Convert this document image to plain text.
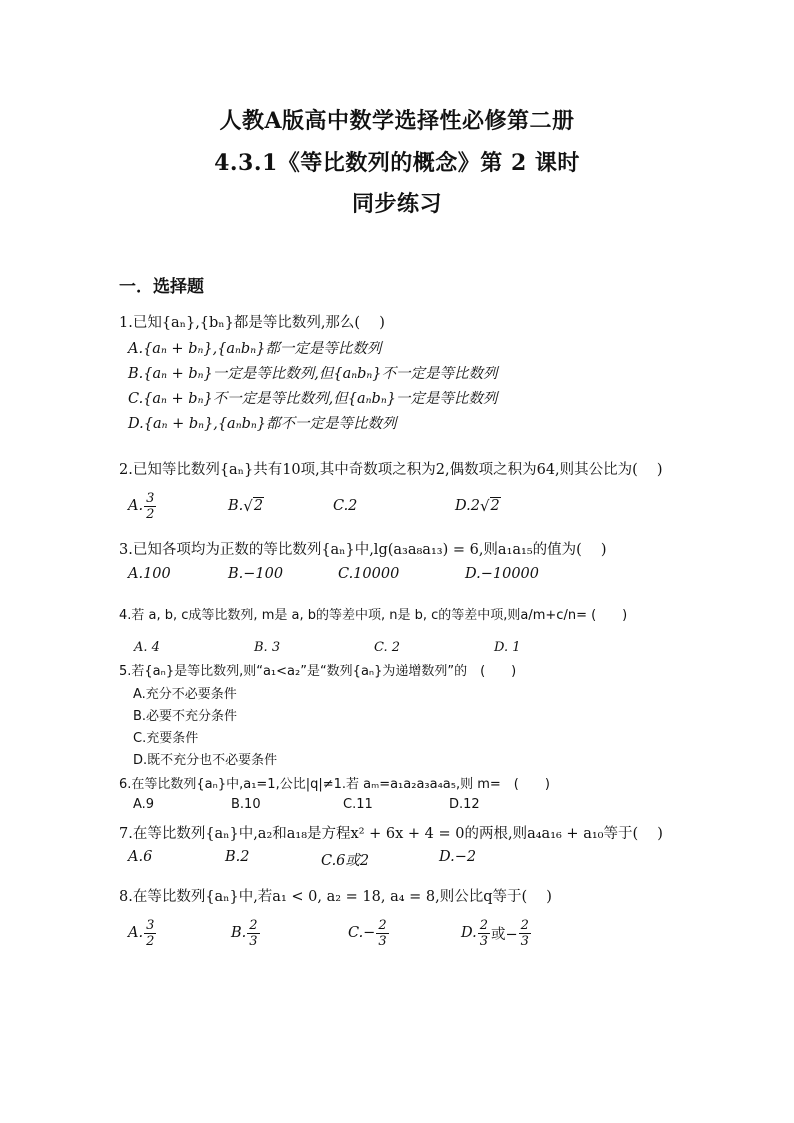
人教A版高中数学选择性必修第二册
4.3.1《等比数列的概念》第 2 课时
同步练习
一．选择题
1.已知{aₙ},{bₙ}都是等比数列,那么(　 )
A.{aₙ + bₙ},{aₙbₙ}都一定是等比数列
B.{aₙ + bₙ}一定是等比数列,但{aₙbₙ}不一定是等比数列
C.{aₙ + bₙ}不一定是等比数列,但{aₙbₙ}一定是等比数列
D.{aₙ + bₙ},{aₙbₙ}都不一定是等比数列
2.已知等比数列{aₙ}共有10项,其中奇数项之积为2,偶数项之积为64,则其公比为(　 )
A. $\frac{3}{2}$	B. √ 2	C.2	D.2 √ 2
3.已知各项均为正数的等比数列{aₙ}中,lg(a₃a₈a₁₃) = 6,则a₁a₁₅的值为(　 )
A.100	B.−100	C.10000	D.−10000
4.若 a, b, c成等比数列, m是 a, b的等差中项, n是 b, c的等差中项,则a/m+c/n= (　　)
A. 4	B. 3	C. 2	D. 1
5.若{aₙ}是等比数列,则“a₁<a₂”是“数列{aₙ}为递增数列”的　(　　)
A.充分不必要条件
B.必要不充分条件
C.充要条件
D.既不充分也不必要条件
6.在等比数列{aₙ}中,a₁=1,公比|q|≠1.若 aₘ=a₁a₂a₃a₄a₅,则 m=　(　　)
A.9	B.10	C.11	D.12
7.在等比数列{aₙ}中,a₂和a₁₈是方程x² + 6x + 4 = 0的两根,则a₄a₁₆ + a₁₀等于(　 )
A.6	B.2	C.6或2	D.−2
8.在等比数列{aₙ}中,若a₁ < 0, a₂ = 18, a₄ = 8,则公比q等于(　 )
A. $\frac{3}{2}$	B. $\frac{2}{3}$	$C.- \frac{2}{3}$	D. $\frac{2}{3}$ 或− $\frac{2}{3}$
